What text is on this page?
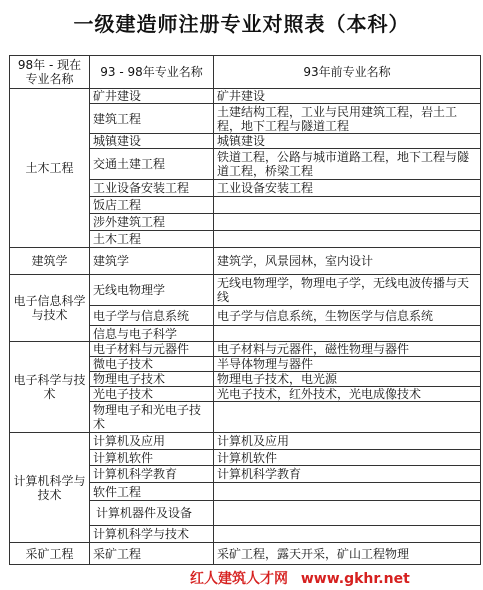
一级建造师注册专业对照表（本科）
98年 - 现在 专业名称	93 - 98年专业名称	93年前专业名称
土木工程	矿井建设	矿井建设
	建筑工程	土建结构工程，工业与民用建筑工程，岩土工程，地下工程与隧道工程
	城镇建设	城镇建设
	交通土建工程	铁道工程，公路与城市道路工程，地下工程与隧道工程，桥梁工程
	工业设备安装工程	工业设备安装工程
	饭店工程	
	涉外建筑工程	
	土木工程	
建筑学	建筑学	建筑学，风景园林，室内设计
电子信息科学与技术	无线电物理学	无线电物理学，物理电子学，无线电波传播与天线
	电子学与信息系统	电子学与信息系统，生物医学与信息系统
	信息与电子科学	
电子科学与技术	电子材料与元器件	电子材料与元器件，磁性物理与器件
	微电子技术	半导体物理与器件
	物理电子技术	物理电子技术，电光源
	光电子技术	光电子技术，红外技术，光电成像技术
	物理电子和光电子技术	
计算机科学与技术	计算机及应用	计算机及应用
	计算机软件	计算机软件
	计算机科学教育	计算机科学教育
	软件工程	
	计算机器件及设备	
	计算机科学与技术	
采矿工程	采矿工程	采矿工程，露天开采，矿山工程物理
红人建筑人才网 www.gkhr.net
